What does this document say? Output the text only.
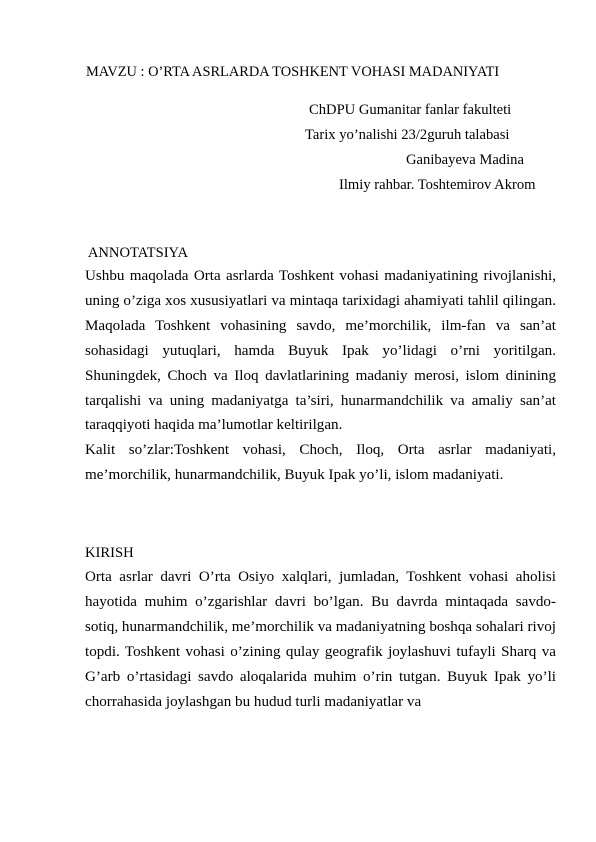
MAVZU : O’RTA ASRLARDA TOSHKENT VOHASI MADANIYATI
ChDPU Gumanitar fanlar fakulteti
Tarix yo’nalishi 23/2guruh talabasi
Ganibayeva Madina
Ilmiy rahbar. Toshtemirov Akrom
ANNOTATSIYA

Ushbu maqolada Orta asrlarda Toshkent vohasi madaniyatining rivojlanishi, uning o’ziga xos xususiyatlari va mintaqa tarixidagi ahamiyati tahlil qilingan. Maqolada Toshkent vohasining savdo, me’morchilik, ilm-fan va san’at sohasidagi yutuqlari, hamda Buyuk Ipak yo’lidagi o’rni yoritilgan. Shuningdek, Choch va Iloq davlatlarining madaniy merosi, islom dinining tarqalishi va uning madaniyatga ta’siri, hunarmandchilik va amaliy san’at taraqqiyoti haqida ma’lumotlar keltirilgan.

Kalit so’zlar:Toshkent vohasi, Choch, Iloq, Orta asrlar madaniyati, me’morchilik, hunarmandchilik, Buyuk Ipak yo’li, islom madaniyati.

KIRISH

Orta asrlar davri O’rta Osiyo xalqlari, jumladan, Toshkent vohasi aholisi hayotida muhim o’zgarishlar davri bo’lgan. Bu davrda mintaqada savdo-sotiq, hunarmandchilik, me’morchilik va madaniyatning boshqa sohalari rivoj topdi. Toshkent vohasi o’zining qulay geografik joylashuvi tufayli Sharq va G’arb o’rtasidagi savdo aloqalarida muhim o’rin tutgan. Buyuk Ipak yo’li chorrahasida joylashgan bu hudud turli madaniyatlar va
